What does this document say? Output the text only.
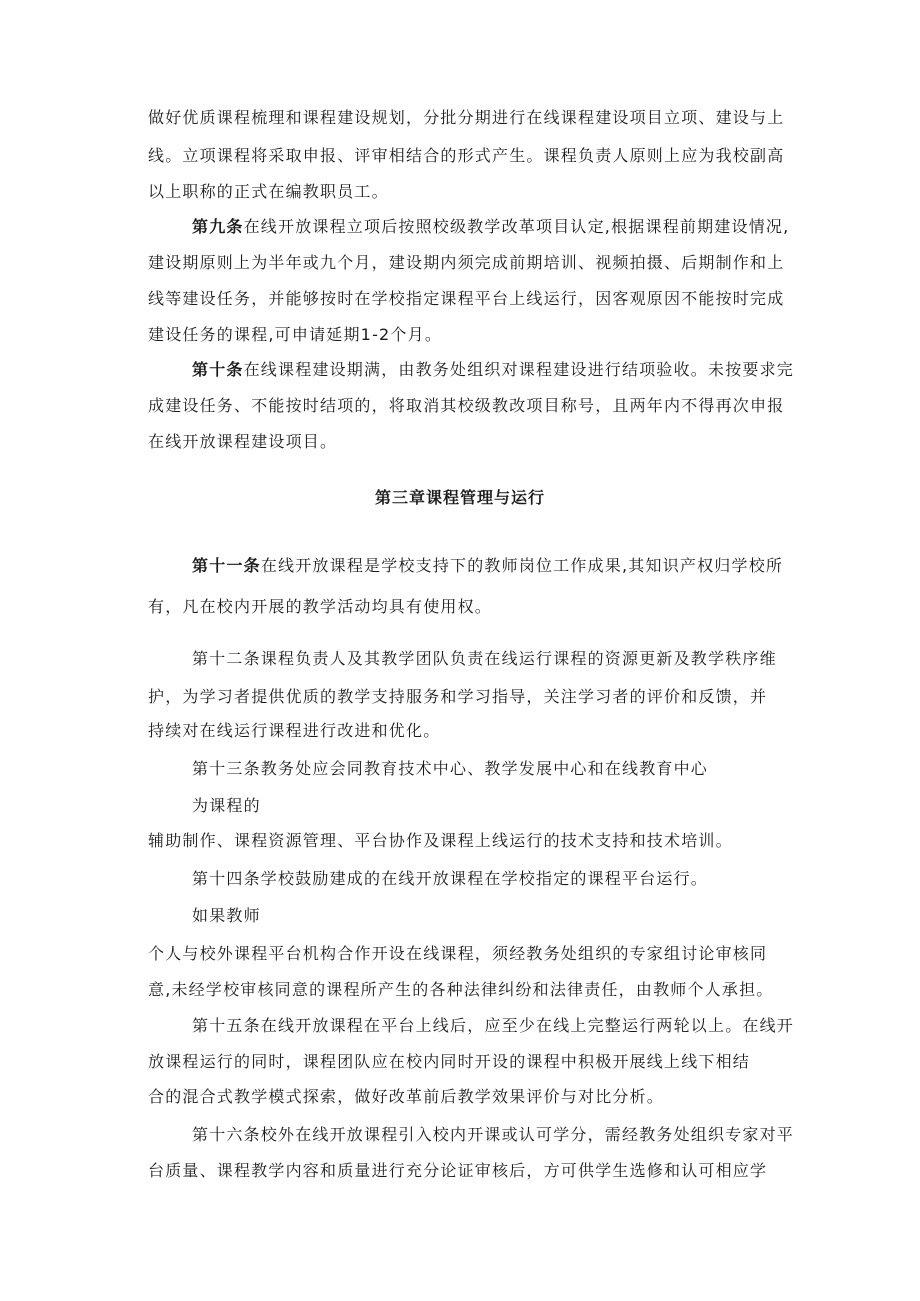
做好优质课程梳理和课程建设规划，分批分期进行在线课程建设项目立项、建设与上

线。立项课程将采取申报、评审相结合的形式产生。课程负责人原则上应为我校副高

以上职称的正式在编教职员工。

第九条在线开放课程立项后按照校级教学改革项目认定,根据课程前期建设情况,

建设期原则上为半年或九个月，建设期内须完成前期培训、视频拍摄、后期制作和上

线等建设任务，并能够按时在学校指定课程平台上线运行，因客观原因不能按时完成

建设任务的课程,可申请延期1-2个月。

第十条在线课程建设期满，由教务处组织对课程建设进行结项验收。未按要求完

成建设任务、不能按时结项的，将取消其校级教改项目称号，且两年内不得再次申报

在线开放课程建设项目。

第三章课程管理与运行

第十一条在线开放课程是学校支持下的教师岗位工作成果,其知识产权归学校所

有，凡在校内开展的教学活动均具有使用权。

第十二条课程负责人及其教学团队负责在线运行课程的资源更新及教学秩序维

护，为学习者提供优质的教学支持服务和学习指导，关注学习者的评价和反馈，并

持续对在线运行课程进行改进和优化。

第十三条教务处应会同教育技术中心、教学发展中心和在线教育中心

为课程的

辅助制作、课程资源管理、平台协作及课程上线运行的技术支持和技术培训。

第十四条学校鼓励建成的在线开放课程在学校指定的课程平台运行。

如果教师

个人与校外课程平台机构合作开设在线课程，须经教务处组织的专家组讨论审核同

意,未经学校审核同意的课程所产生的各种法律纠纷和法律责任，由教师个人承担。

第十五条在线开放课程在平台上线后，应至少在线上完整运行两轮以上。在线开

放课程运行的同时，课程团队应在校内同时开设的课程中积极开展线上线下相结

合的混合式教学模式探索，做好改革前后教学效果评价与对比分析。

第十六条校外在线开放课程引入校内开课或认可学分，需经教务处组织专家对平

台质量、课程教学内容和质量进行充分论证审核后，方可供学生选修和认可相应学
